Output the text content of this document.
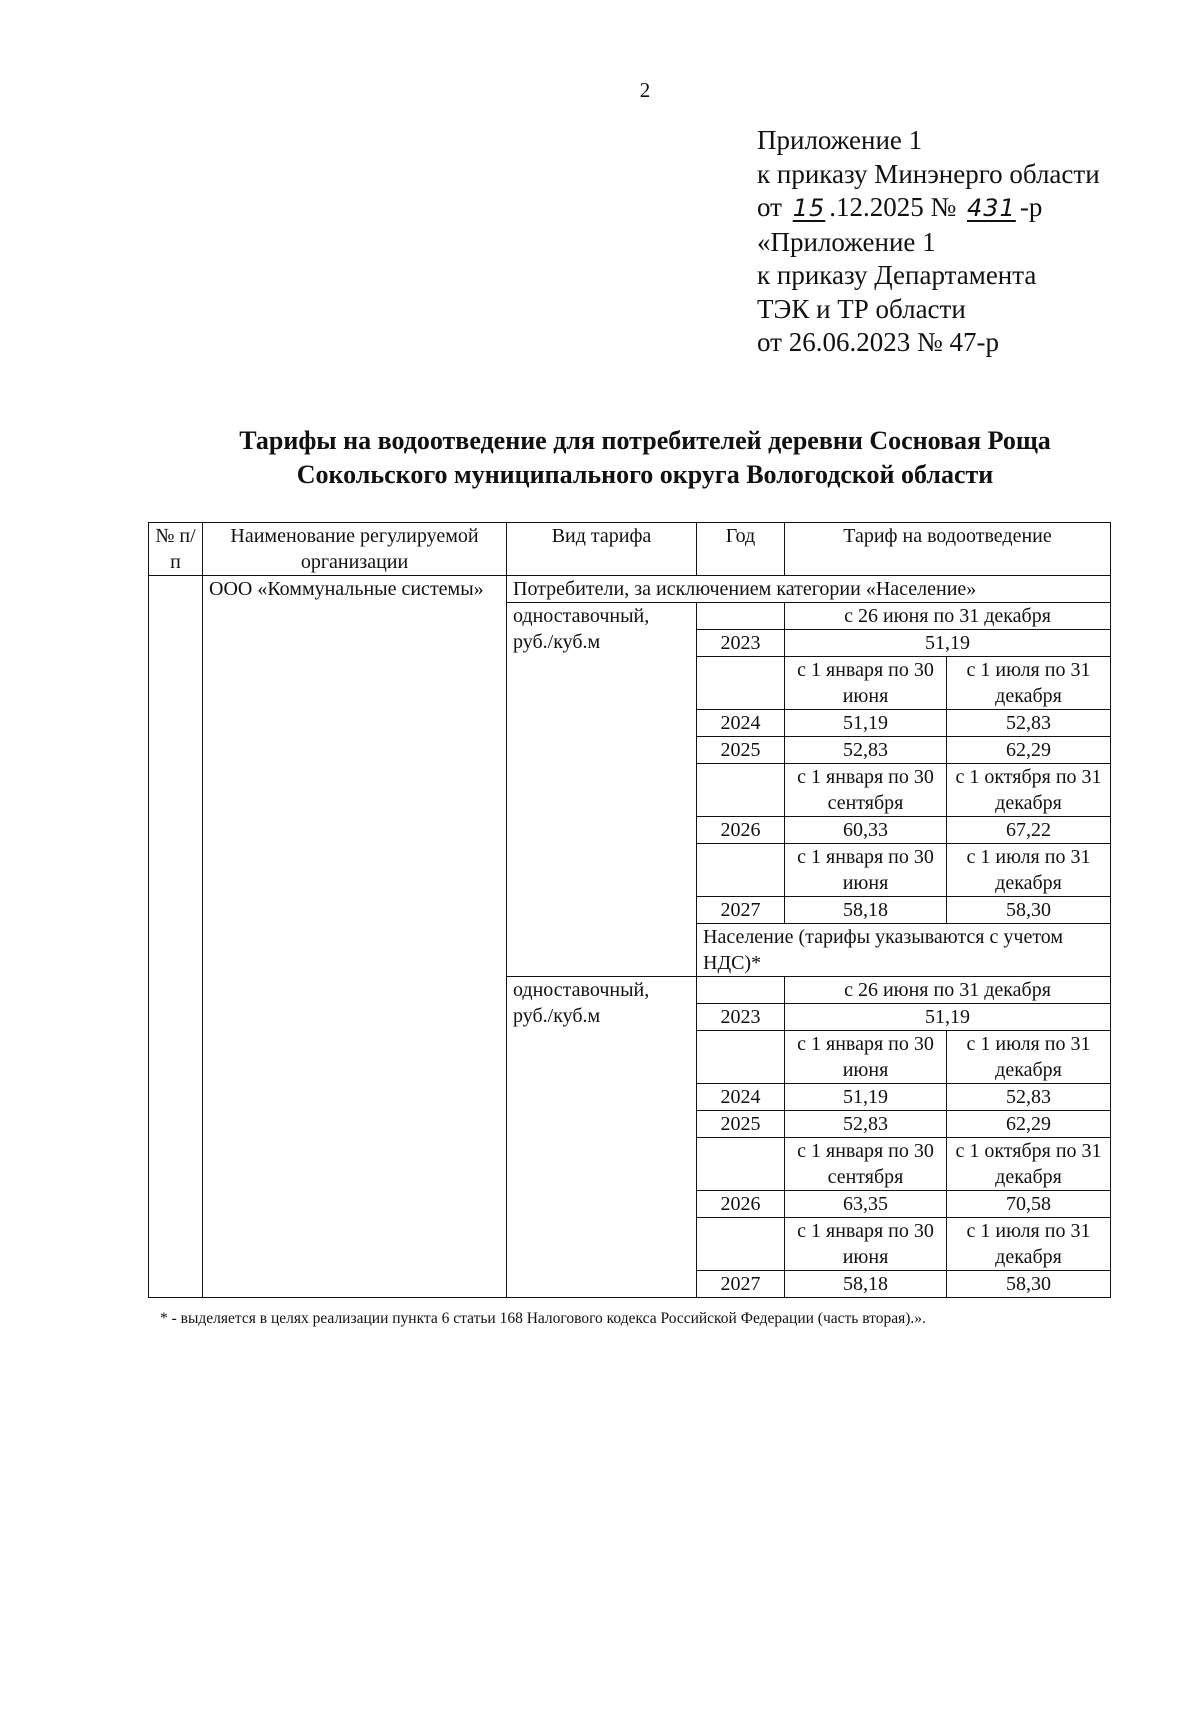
2
Приложение 1
к приказу Минэнерго области
от 15 .12.2025 № 431 -р
«Приложение 1
к приказу Департамента
ТЭК и ТР области
от 26.06.2023 № 47-р
Тарифы на водоотведение для потребителей деревни Сосновая Роща
Сокольского муниципального округа Вологодской области
№ п/п	Наименование регулируемой организации	Вид тарифа	Год	Тариф на водоотведение	
	ООО «Коммунальные системы»	Потребители, за исключением категории «Население»			
		одноставочный, руб./куб.м		с 26 июня по 31 декабря	
			2023	51,19	
				с 1 января по 30 июня	с 1 июля по 31 декабря
			2024	51,19	52,83
			2025	52,83	62,29
				с 1 января по 30 сентября	с 1 октября по 31 декабря
			2026	60,33	67,22
				с 1 января по 30 июня	с 1 июля по 31 декабря
			2027	58,18	58,30
			Население (тарифы указываются с учетом НДС)*		
		одноставочный, руб./куб.м		с 26 июня по 31 декабря	
			2023	51,19	
				с 1 января по 30 июня	с 1 июля по 31 декабря
			2024	51,19	52,83
			2025	52,83	62,29
				с 1 января по 30 сентября	с 1 октября по 31 декабря
			2026	63,35	70,58
				с 1 января по 30 июня	с 1 июля по 31 декабря
			2027	58,18	58,30
* - выделяется в целях реализации пункта 6 статьи 168 Налогового кодекса Российской Федерации (часть вторая).».
